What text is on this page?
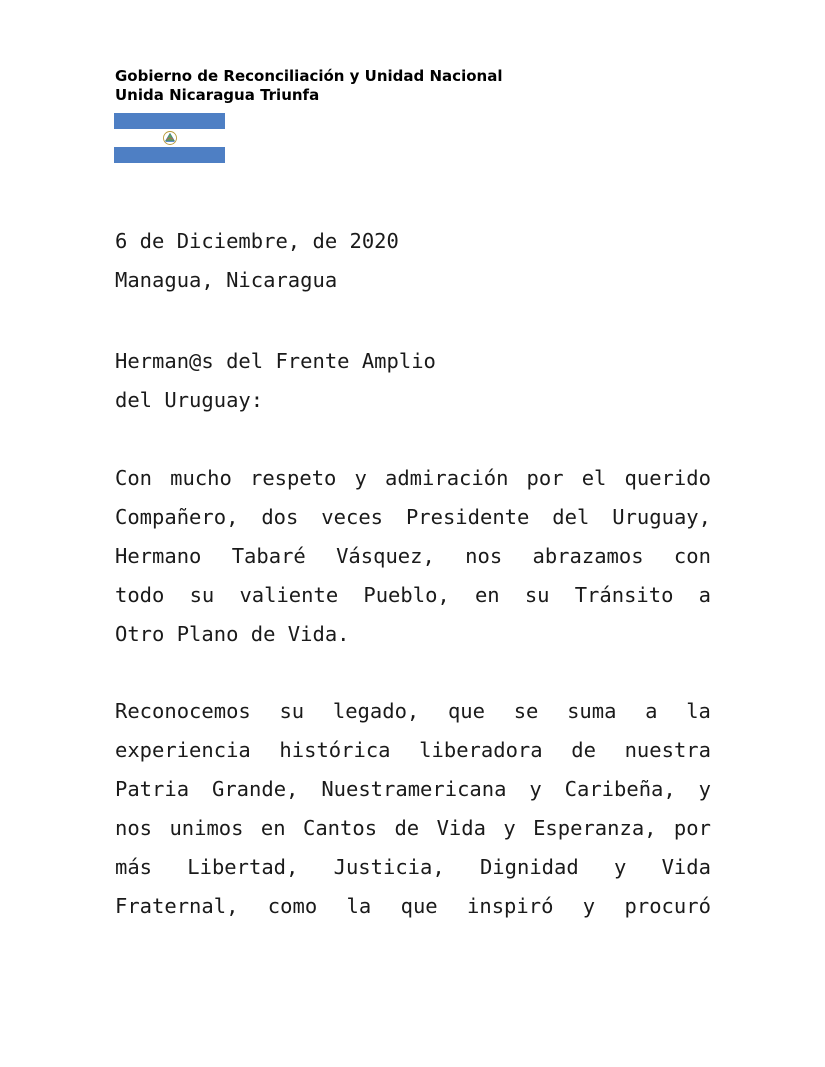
Gobierno de Reconciliación y Unidad Nacional
Unida Nicaragua Triunfa
6 de Diciembre, de 2020
Managua, Nicaragua
Herman@s del Frente Amplio
del Uruguay:
Con mucho respeto y admiración por el querido
Compañero, dos veces Presidente del Uruguay,
Hermano Tabaré Vásquez, nos abrazamos con
todo su valiente Pueblo, en su Tránsito a
Otro Plano de Vida.
Reconocemos su legado, que se suma a la
experiencia histórica liberadora de nuestra
Patria Grande, Nuestramericana y Caribeña, y
nos unimos en Cantos de Vida y Esperanza, por
más Libertad, Justicia, Dignidad y Vida
Fraternal, como la que inspiró y procuró
